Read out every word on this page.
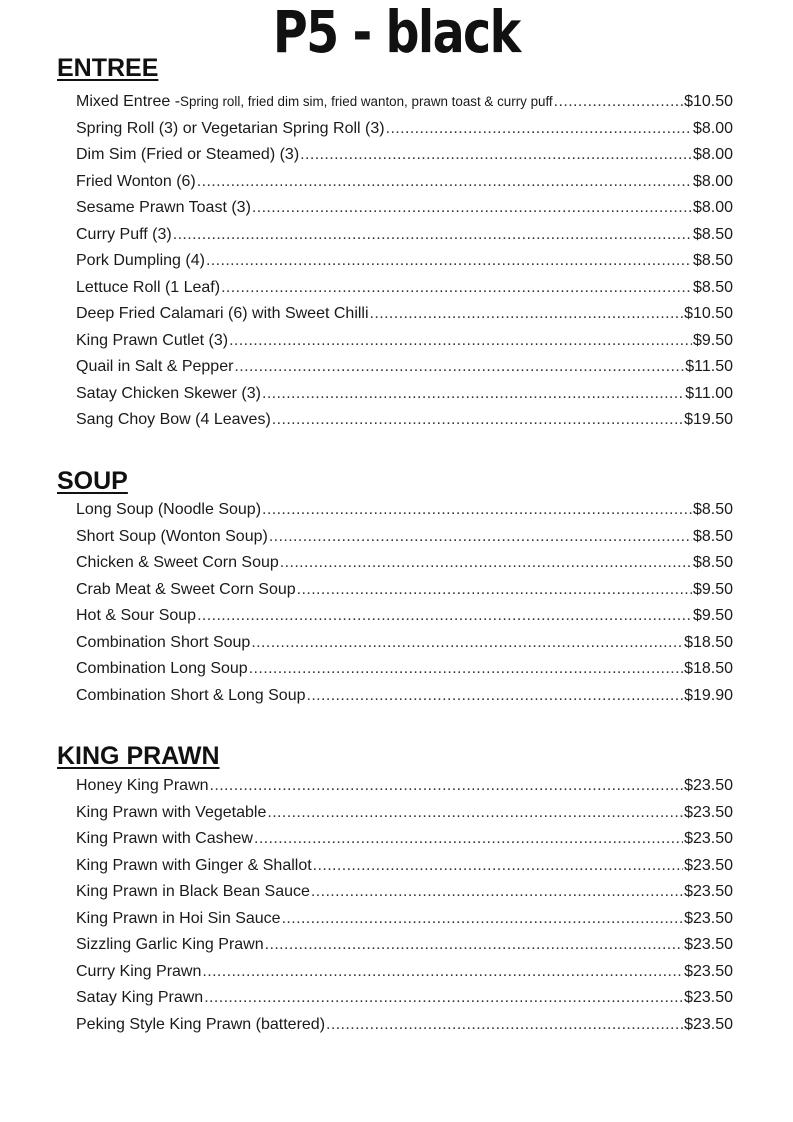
P5 - black
ENTREE
Mixed Entree - Spring roll, fried dim sim, fried wanton, prawn toast & curry puff .....	$10.50
Spring Roll (3) or Vegetarian Spring Roll (3) .....	$8.00
Dim Sim (Fried or Steamed) (3) .....	$8.00
Fried Wonton (6) .....	$8.00
Sesame Prawn Toast (3) .....	$8.00
Curry Puff (3) .....	$8.50
Pork Dumpling (4) .....	$8.50
Lettuce Roll (1 Leaf) .....	$8.50
Deep Fried Calamari (6) with Sweet Chilli .....	$10.50
King Prawn Cutlet (3) .....	$9.50
Quail in Salt & Pepper .....	$11.50
Satay Chicken Skewer (3) .....	$11.00
Sang Choy Bow (4 Leaves) .....	$19.50
SOUP
Long Soup (Noodle Soup) .....	$8.50
Short Soup (Wonton Soup) .....	$8.50
Chicken & Sweet Corn Soup .....	$8.50
Crab Meat & Sweet Corn Soup .....	$9.50
Hot & Sour Soup .....	$9.50
Combination Short Soup .....	$18.50
Combination Long Soup .....	$18.50
Combination Short & Long Soup .....	$19.90
KING PRAWN
Honey King Prawn .....	$23.50
King Prawn with Vegetable .....	$23.50
King Prawn with Cashew .....	$23.50
King Prawn with Ginger & Shallot .....	$23.50
King Prawn in Black Bean Sauce .....	$23.50
King Prawn in Hoi Sin Sauce .....	$23.50
Sizzling Garlic King Prawn .....	$23.50
Curry King Prawn .....	$23.50
Satay King Prawn .....	$23.50
Peking Style King Prawn (battered) .....	$23.50
